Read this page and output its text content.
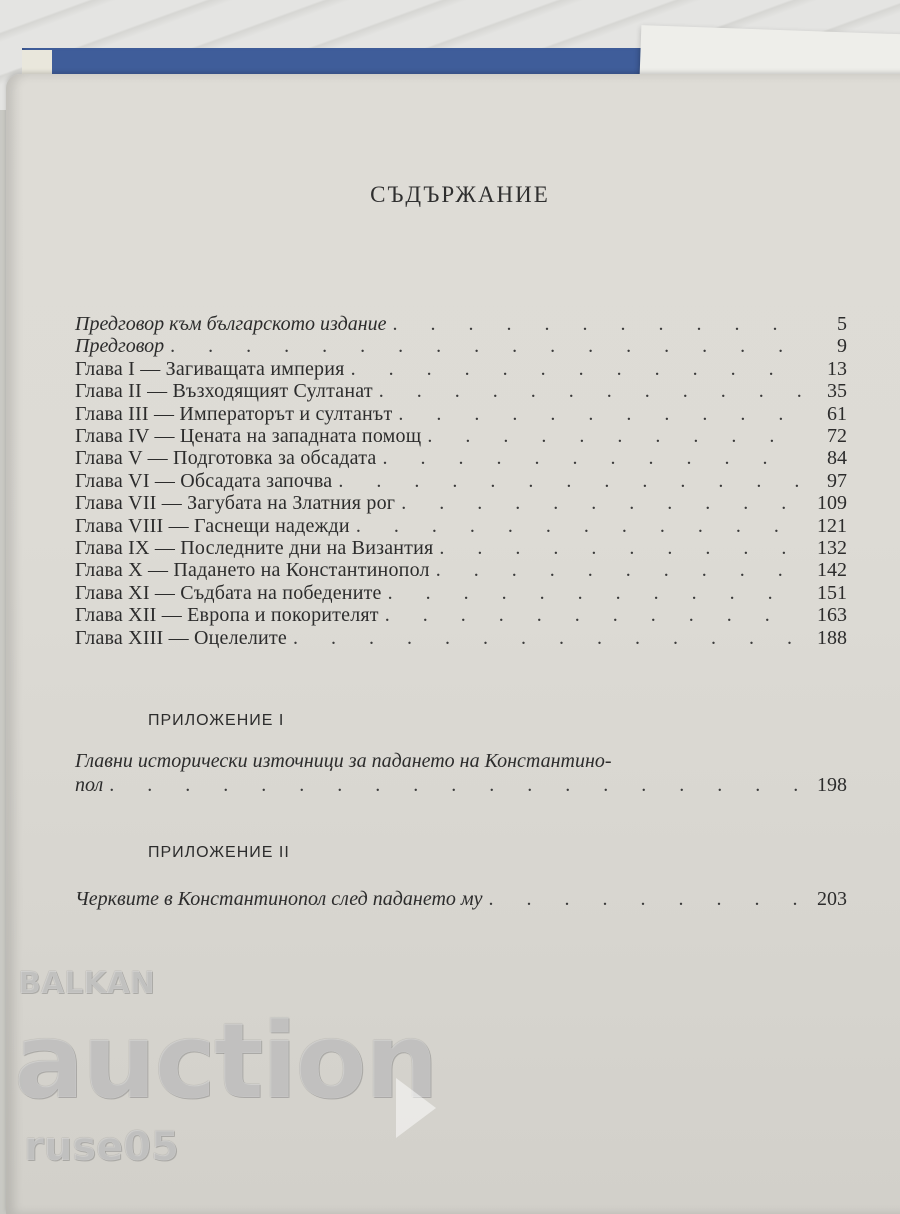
СЪДЪРЖАНИЕ
Предговор към българското издание . . .	5
Предговор . . .	9
Глава I — Загиващата империя . . .	13
Глава II — Възходящият Султанат . . .	35
Глава III — Императорът и султанът . . .	61
Глава IV — Цената на западната помощ . . .	72
Глава V — Подготовка за обсадата . . .	84
Глава VI — Обсадата започва . . .	97
Глава VII — Загубата на Златния рог . . .	109
Глава VIII — Гаснещи надежди . . .	121
Глава IX — Последните дни на Византия . . .	132
Глава X — Падането на Константинопол . . .	142
Глава XI — Съдбата на победените . . .	151
Глава XII — Европа и покорителят . . .	163
Глава XIII — Оцелелите . . .	188
ПРИЛОЖЕНИЕ I
Главни исторически източници за падането на Константино-
пол . . .	198
ПРИЛОЖЕНИЕ II
Черквите в Константинопол след падането му . . .	203
BALKAN
auction
ruse05
